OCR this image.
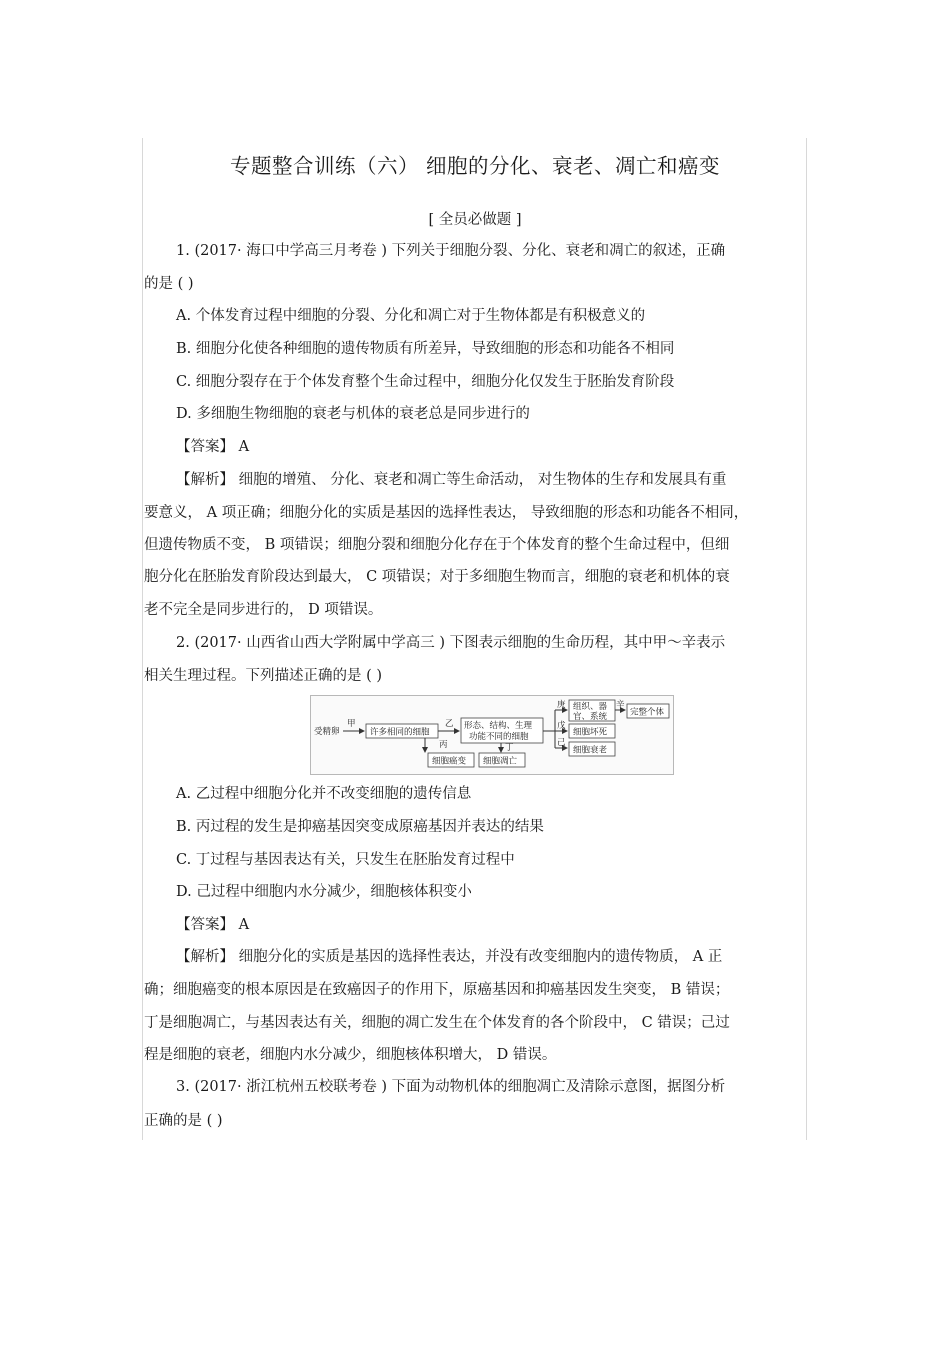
专题整合训练（六） 细胞的分化、衰老、凋亡和癌变
[ 全员必做题 ]
1. (2017· 海口中学高三月考卷 ) 下列关于细胞分裂、分化、衰老和凋亡的叙述，正确
的是 ( )
A. 个体发育过程中细胞的分裂、分化和凋亡对于生物体都是有积极意义的
B. 细胞分化使各种细胞的遗传物质有所差异，导致细胞的形态和功能各不相同
C. 细胞分裂存在于个体发育整个生命过程中，细胞分化仅发生于胚胎发育阶段
D. 多细胞生物细胞的衰老与机体的衰老总是同步进行的
【答案】 A
【解析】 细胞的增殖、 分化、衰老和凋亡等生命活动， 对生物体的生存和发展具有重
要意义， A 项正确；细胞分化的实质是基因的选择性表达， 导致细胞的形态和功能各不相同，
但遗传物质不变， B 项错误；细胞分裂和细胞分化存在于个体发育的整个生命过程中，但细
胞分化在胚胎发育阶段达到最大， C 项错误；对于多细胞生物而言，细胞的衰老和机体的衰
老不完全是同步进行的， D 项错误。
2. (2017· 山西省山西大学附属中学高三 ) 下图表示细胞的生命历程，其中甲～辛表示
相关生理过程。下列描述正确的是 ( )
受精卵
甲
许多相同的细胞
乙
丙
细胞癌变
形态、结构、生理
功能不同的细胞
丁
细胞凋亡
庚
戊
己
组织、器
官、系统
细胞坏死
细胞衰老
辛
完整个体
A. 乙过程中细胞分化并不改变细胞的遗传信息
B. 丙过程的发生是抑癌基因突变成原癌基因并表达的结果
C. 丁过程与基因表达有关，只发生在胚胎发育过程中
D. 己过程中细胞内水分减少，细胞核体积变小
【答案】 A
【解析】 细胞分化的实质是基因的选择性表达，并没有改变细胞内的遗传物质， A 正
确；细胞癌变的根本原因是在致癌因子的作用下，原癌基因和抑癌基因发生突变， B 错误；
丁是细胞凋亡，与基因表达有关，细胞的凋亡发生在个体发育的各个阶段中， C 错误；己过
程是细胞的衰老，细胞内水分减少，细胞核体积增大， D 错误。
3. (2017· 浙江杭州五校联考卷 ) 下面为动物机体的细胞凋亡及清除示意图，据图分析
正确的是 ( )
